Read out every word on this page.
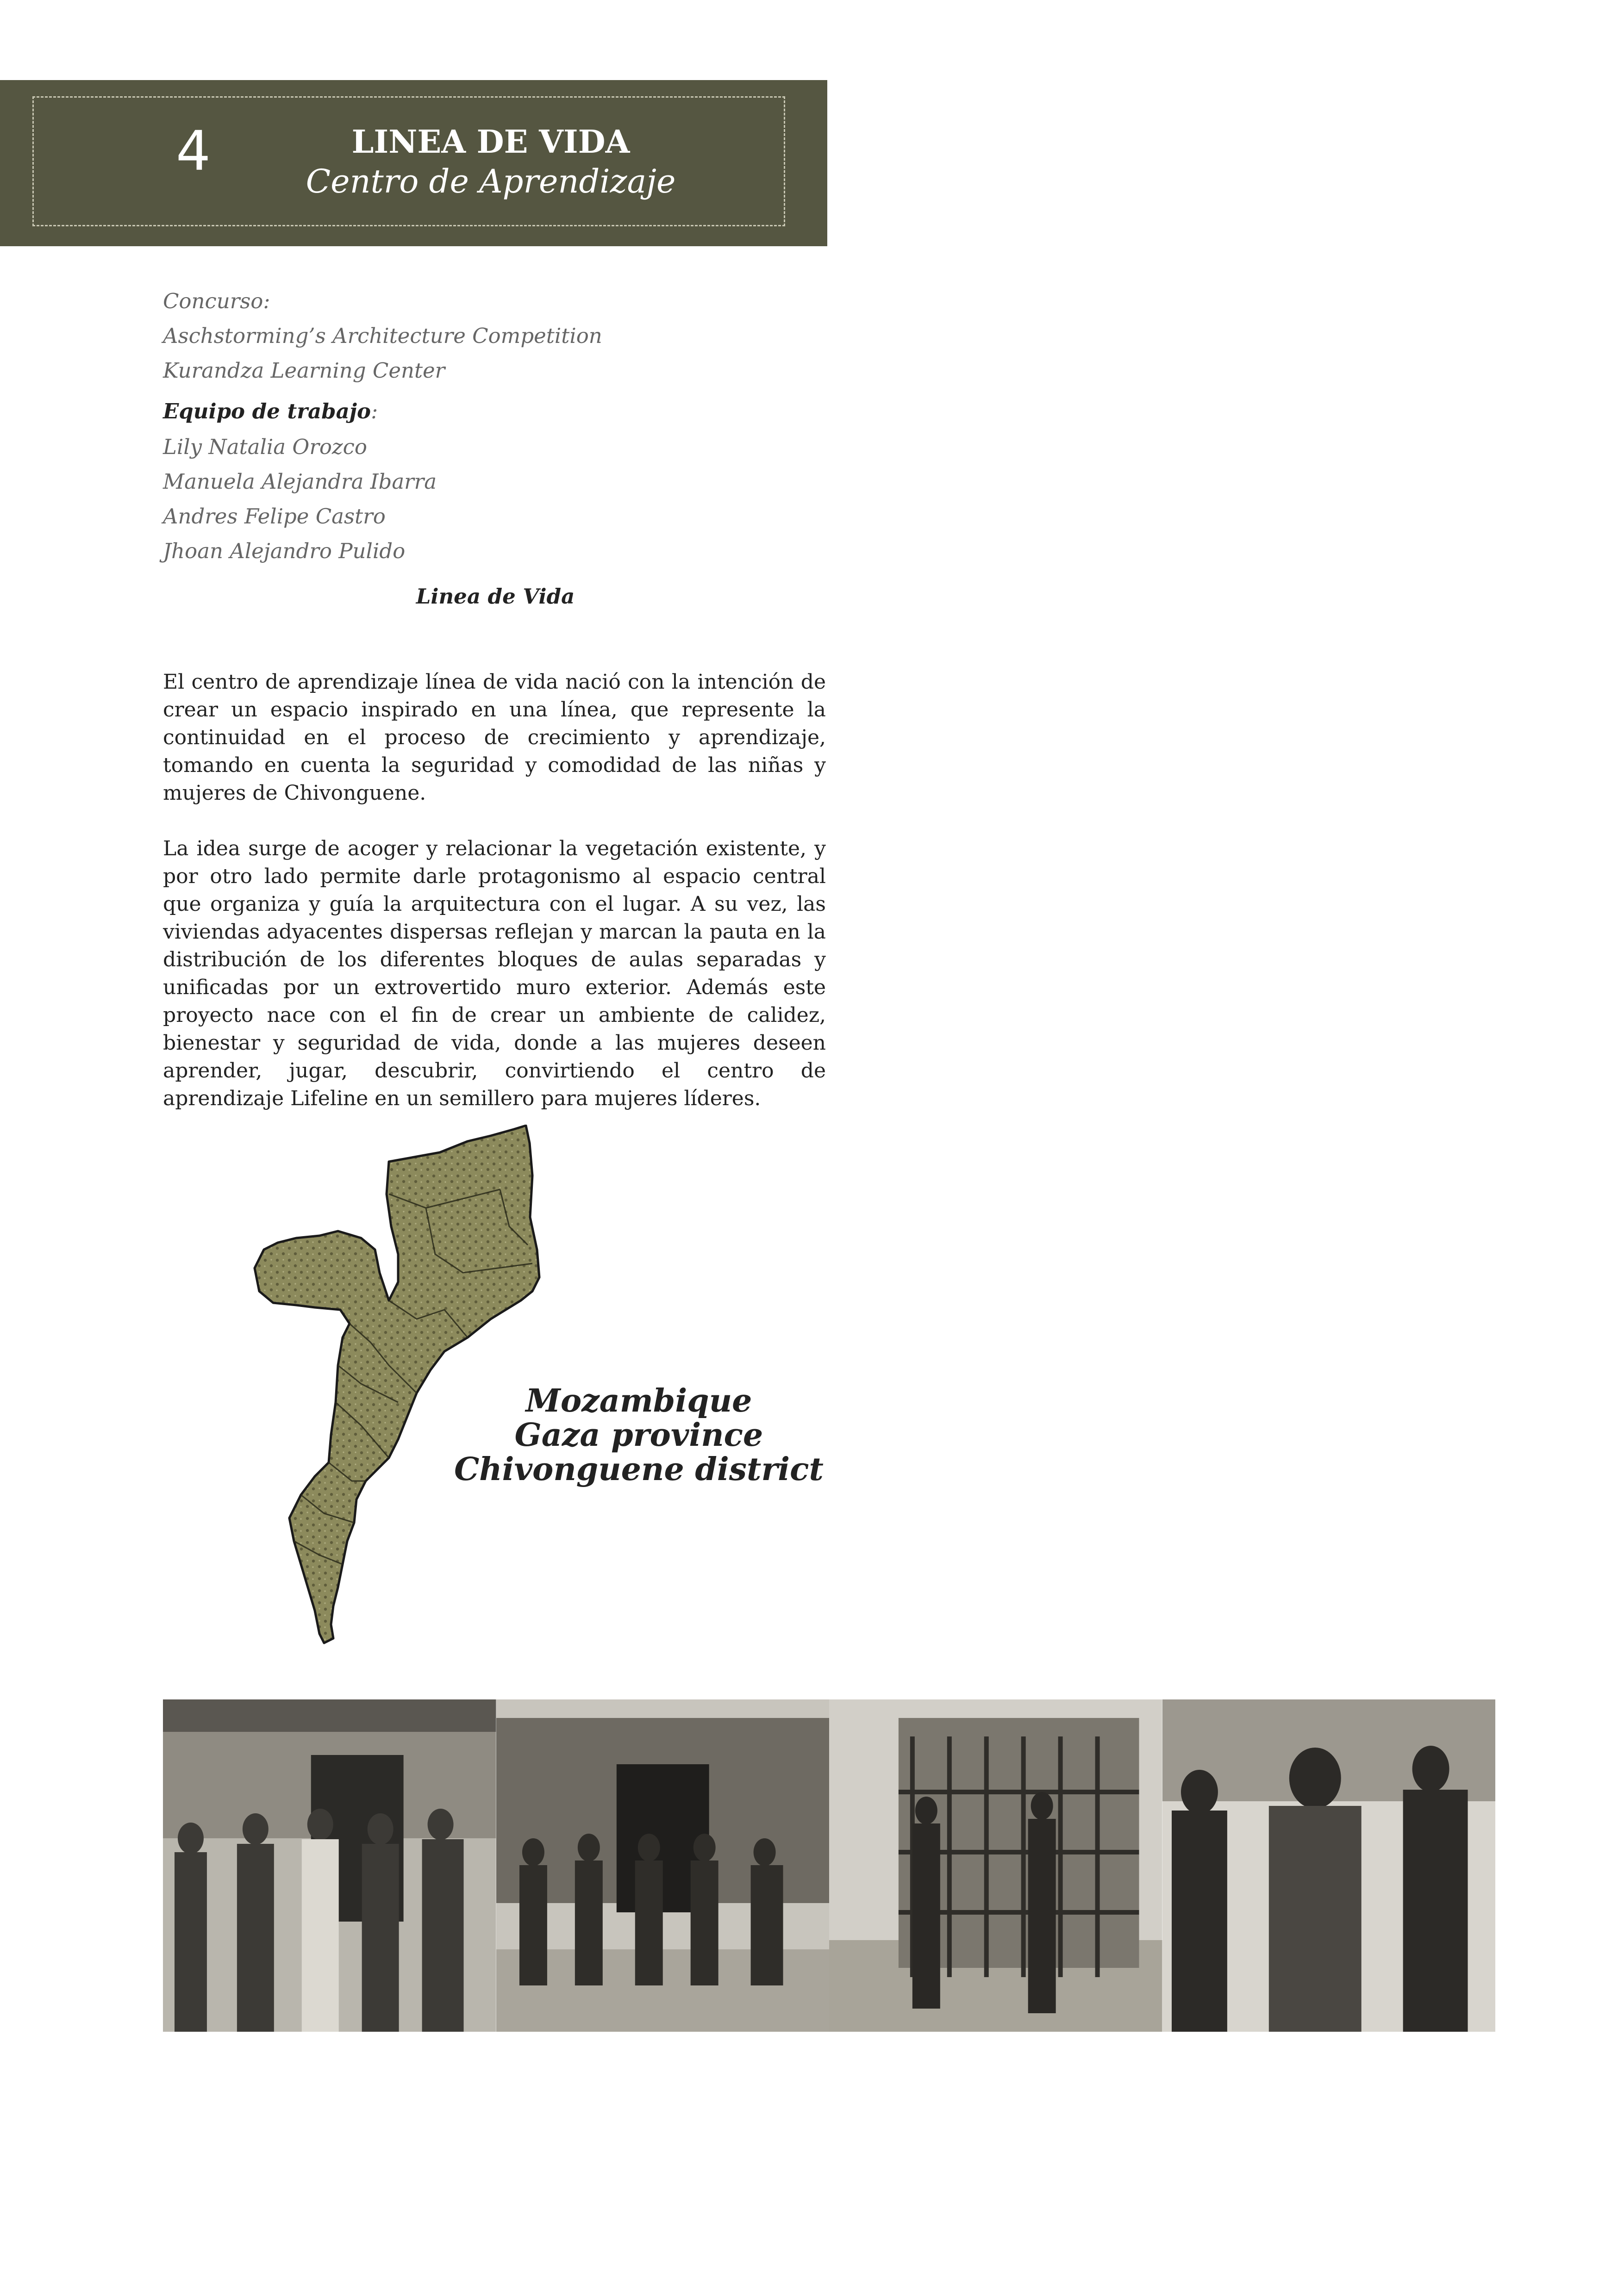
4	LINEA DE VIDA
Centro de Aprendizaje
Concurso:
Aschstorming’s Architecture Competition
Kurandza Learning Center
Equipo de trabajo:
Lily Natalia Orozco
Manuela Alejandra Ibarra
Andres Felipe Castro
Jhoan Alejandro Pulido
Linea de Vida

El centro de aprendizaje línea de vida nació con la intención de crear un espacio inspirado en una línea, que represente la continuidad en el proceso de crecimiento y aprendizaje, tomando en cuenta la seguridad y comodidad de las niñas y mujeres de Chivonguene.

La idea surge de acoger y relacionar la vegetación existente, y por otro lado permite darle protagonismo al espacio central que organiza y guía la arquitectura con el lugar. A su vez, las viviendas adyacentes dispersas reflejan y marcan la pauta en la distribución de los diferentes bloques de aulas separadas y unificadas por un extrovertido muro exterior. Además este proyecto nace con el fin de crear un ambiente de calidez, bienestar y seguridad de vida, donde a las mujeres deseen aprender, jugar, descubrir, convirtiendo el centro de aprendizaje Lifeline en un semillero para mujeres líderes.

Mozambique
Gaza province
Chivonguene district
